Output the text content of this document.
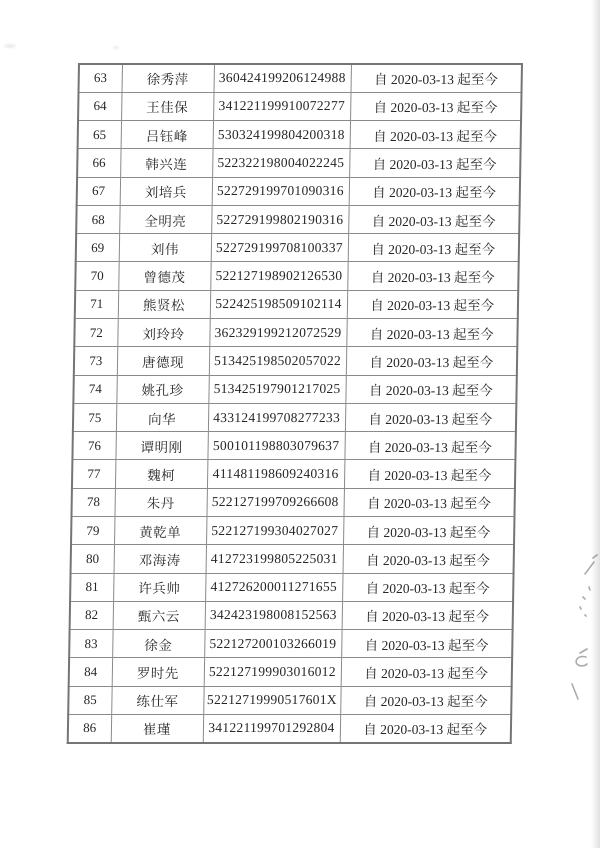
63	徐秀萍	360424199206124988	自 2020-03-13 起至今
64	王佳保	341221199910072277	自 2020-03-13 起至今
65	吕钰峰	530324199804200318	自 2020-03-13 起至今
66	韩兴连	522322198004022245	自 2020-03-13 起至今
67	刘培兵	522729199701090316	自 2020-03-13 起至今
68	全明亮	522729199802190316	自 2020-03-13 起至今
69	刘伟	522729199708100337	自 2020-03-13 起至今
70	曾德茂	522127198902126530	自 2020-03-13 起至今
71	熊贤松	522425198509102114	自 2020-03-13 起至今
72	刘玲玲	362329199212072529	自 2020-03-13 起至今
73	唐德现	513425198502057022	自 2020-03-13 起至今
74	姚孔珍	513425197901217025	自 2020-03-13 起至今
75	向华	433124199708277233	自 2020-03-13 起至今
76	谭明刚	500101198803079637	自 2020-03-13 起至今
77	魏柯	411481198609240316	自 2020-03-13 起至今
78	朱丹	522127199709266608	自 2020-03-13 起至今
79	黄乾单	522127199304027027	自 2020-03-13 起至今
80	邓海涛	412723199805225031	自 2020-03-13 起至今
81	许兵帅	412726200011271655	自 2020-03-13 起至今
82	甄六云	342423198008152563	自 2020-03-13 起至今
83	徐金	522127200103266019	自 2020-03-13 起至今
84	罗时先	522127199903016012	自 2020-03-13 起至今
85	练仕军	52212719990517601X	自 2020-03-13 起至今
86	崔瑾	341221199701292804	自 2020-03-13 起至今
